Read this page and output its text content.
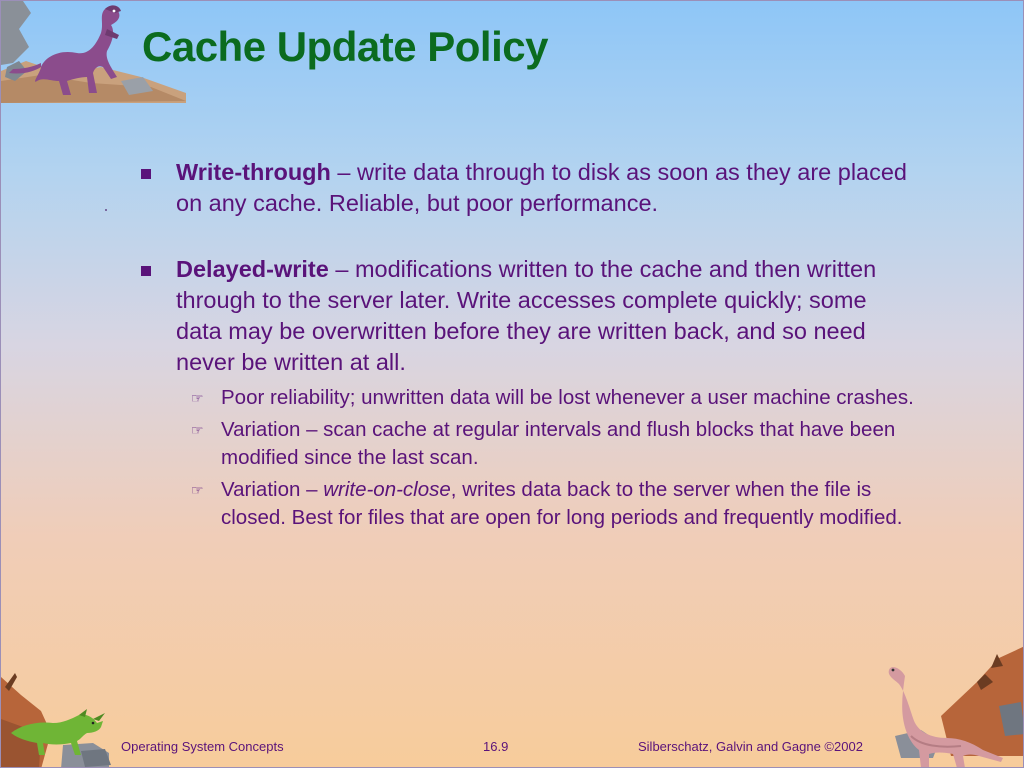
Cache Update Policy
Write-through – write data through to disk as soon as they are placed on any cache. Reliable, but poor performance.
Delayed-write – modifications written to the cache and then written through to the server later. Write accesses complete quickly; some data may be overwritten before they are written back, and so need never be written at all.
☞ Poor reliability; unwritten data will be lost whenever a user machine crashes.
☞ Variation – scan cache at regular intervals and flush blocks that have been modified since the last scan.
☞ Variation – write-on-close, writes data back to the server when the file is closed. Best for files that are open for long periods and frequently modified.
Operating System Concepts	16.9	Silberschatz, Galvin and Gagne ©2002
